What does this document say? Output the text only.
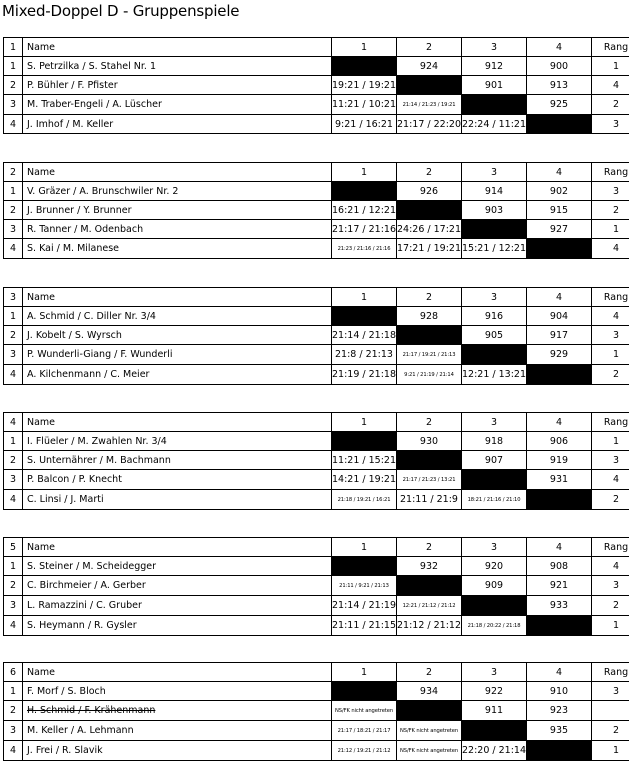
Mixed-Doppel D - Gruppenspiele
1	Name	1	2	3	4	Rang
1	S. Petrzilka / S. Stahel Nr. 1		924	912	900	1
2	P. Bühler / F. Pfister	19:21 / 19:21		901	913	4
3	M. Traber-Engeli / A. Lüscher	11:21 / 10:21	21:14 / 21:23 / 19:21		925	2
4	J. Imhof / M. Keller	9:21 / 16:21	21:17 / 22:20	22:24 / 11:21		3
2	Name	1	2	3	4	Rang
1	V. Gräzer / A. Brunschwiler Nr. 2		926	914	902	3
2	J. Brunner / Y. Brunner	16:21 / 12:21		903	915	2
3	R. Tanner / M. Odenbach	21:17 / 21:16	24:26 / 17:21		927	1
4	S. Kai / M. Milanese	21:23 / 21:16 / 21:16	17:21 / 19:21	15:21 / 12:21		4
3	Name	1	2	3	4	Rang
1	A. Schmid / C. Diller Nr. 3/4		928	916	904	4
2	J. Kobelt / S. Wyrsch	21:14 / 21:18		905	917	3
3	P. Wunderli-Giang / F. Wunderli	21:8 / 21:13	21:17 / 19:21 / 21:13		929	1
4	A. Kilchenmann / C. Meier	21:19 / 21:18	9:21 / 21:19 / 21:14	12:21 / 13:21		2
4	Name	1	2	3	4	Rang
1	I. Flüeler / M. Zwahlen Nr. 3/4		930	918	906	1
2	S. Unternährer / M. Bachmann	11:21 / 15:21		907	919	3
3	P. Balcon / P. Knecht	14:21 / 19:21	21:17 / 21:23 / 13:21		931	4
4	C. Linsi / J. Marti	21:18 / 19:21 / 16:21	21:11 / 21:9	18:21 / 21:16 / 21:10		2
5	Name	1	2	3	4	Rang
1	S. Steiner / M. Scheidegger		932	920	908	4
2	C. Birchmeier / A. Gerber	21:11 / 9:21 / 21:13		909	921	3
3	L. Ramazzini / C. Gruber	21:14 / 21:19	12:21 / 21:12 / 21:12		933	2
4	S. Heymann / R. Gysler	21:11 / 21:15	21:12 / 21:12	21:18 / 20:22 / 21:18		1
6	Name	1	2	3	4	Rang
1	F. Morf / S. Bloch		934	922	910	3
2	H. Schmid / F. Krähenmann	NS/FK nicht angetreten		911	923	
3	M. Keller / A. Lehmann	21:17 / 18:21 / 21:17	NS/FK nicht angetreten		935	2
4	J. Frei / R. Slavik	21:12 / 19:21 / 21:12	NS/FK nicht angetreten	22:20 / 21:14		1
